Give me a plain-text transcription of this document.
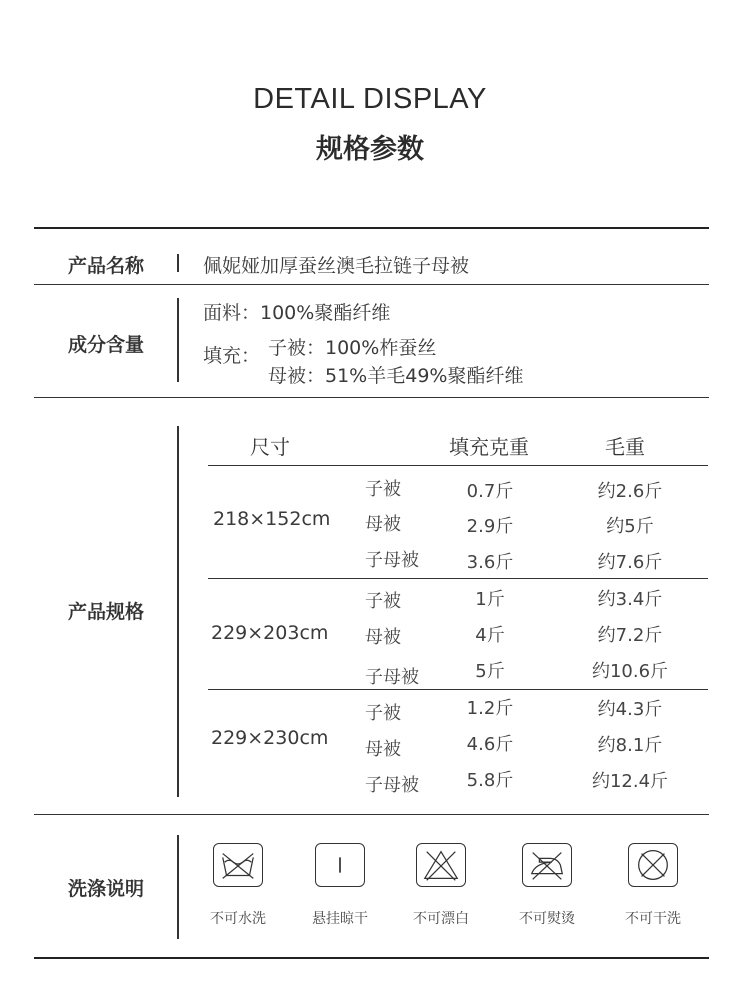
DETAIL DISPLAY
规格参数
产品名称	佩妮娅加厚蚕丝澳毛拉链子母被
成分含量
面料：100%聚酯纤维
填充： 子被：100%柞蚕丝
母被：51%羊毛49%聚酯纤维
产品规格
尺寸	填充克重	毛重
218×152cm
子被	0.7斤	约2.6斤
母被	2.9斤	约5斤
子母被	3.6斤	约7.6斤
229×203cm
子被	1斤	约3.4斤
母被	4斤	约7.2斤
子母被	5斤	约10.6斤
229×230cm
子被	1.2斤	约4.3斤
母被	4.6斤	约8.1斤
子母被	5.8斤	约12.4斤
洗涤说明
不可水洗	悬挂晾干	不可漂白	不可熨烫	不可干洗
